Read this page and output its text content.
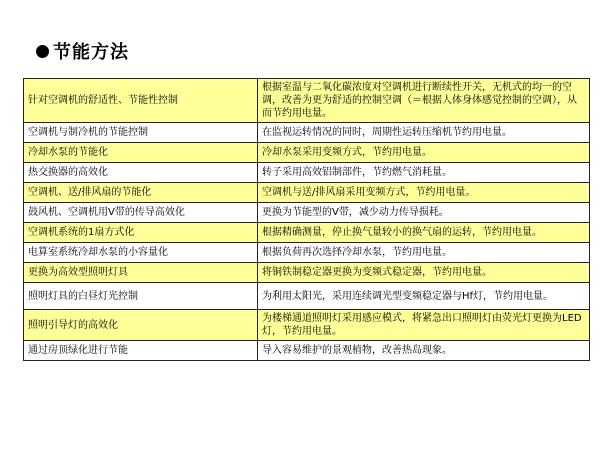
节能方法
针对空调机的舒适性、节能性控制	根据室温与二氧化碳浓度对空调机进行断续性开关，无机式的均一的空调，改善为更为舒适的控制空调（＝根据人体身体感觉控制的空调），从而节约用电量。
空调机与制冷机的节能控制	在监视运转情况的同时，周期性运转压缩机节约用电量。
冷却水泵的节能化	冷却水泵采用变频方式，节约用电量。
热交换器的高效化	转子采用高效铝制部件，节约燃气消耗量。
空调机、送/排风扇的节能化	空调机与送/排风扇采用变频方式，节约用电量。
鼓风机、空调机用V带的传导高效化	更换为节能型的V带，减少动力传导损耗。
空调机系统的1扇方式化	根据精确测量，停止换气量较小的换气扇的运转，节约用电量。
电算室系统冷却水泵的小容量化	根据负荷再次选择冷却水泵，节约用电量。
更换为高效型照明灯具	将铜铁制稳定器更换为变频式稳定器，节约用电量。
照明灯具的白昼灯光控制	为利用太阳光，采用连续调光型变频稳定器与Hf灯，节约用电量。
照明引导灯的高效化	为楼梯通道照明灯采用感应模式，将紧急出口照明灯由荧光灯更换为LED灯，节约用电量。
通过房顶绿化进行节能	导入容易维护的景观植物，改善热岛现象。
